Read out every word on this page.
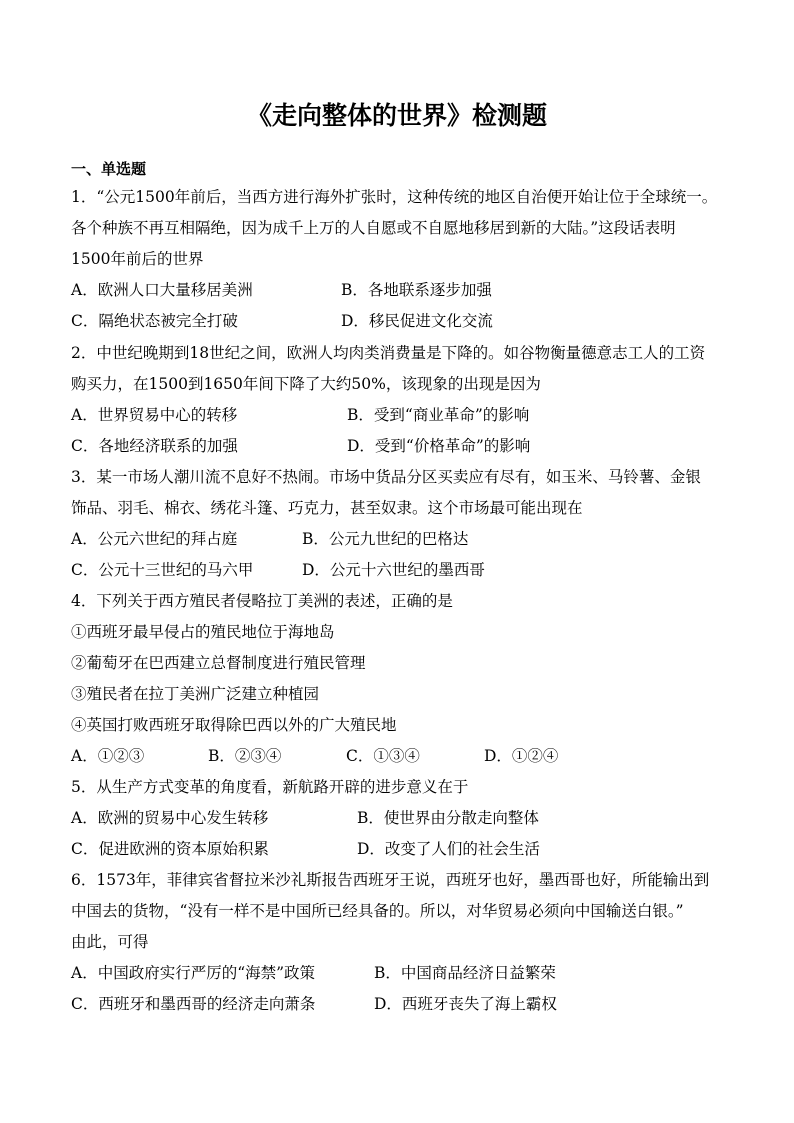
《走向整体的世界》检测题
一、单选题
1．“公元1500年前后，当西方进行海外扩张时，这种传统的地区自治便开始让位于全球统一。
各个种族不再互相隔绝，因为成千上万的人自愿或不自愿地移居到新的大陆。”这段话表明
1500年前后的世界
A．欧洲人口大量移居美洲	B．各地联系逐步加强
C．隔绝状态被完全打破	D．移民促进文化交流
2．中世纪晚期到18世纪之间，欧洲人均肉类消费量是下降的。如谷物衡量德意志工人的工资
购买力，在1500到1650年间下降了大约50%，该现象的出现是因为
A．世界贸易中心的转移	B．受到“商业革命”的影响
C．各地经济联系的加强	D．受到“价格革命”的影响
3．某一市场人潮川流不息好不热闹。市场中货品分区买卖应有尽有，如玉米、马铃薯、金银
饰品、羽毛、棉衣、绣花斗篷、巧克力，甚至奴隶。这个市场最可能出现在
A．公元六世纪的拜占庭	B．公元九世纪的巴格达
C．公元十三世纪的马六甲	D．公元十六世纪的墨西哥
4．下列关于西方殖民者侵略拉丁美洲的表述，正确的是
①西班牙最早侵占的殖民地位于海地岛
②葡萄牙在巴西建立总督制度进行殖民管理
③殖民者在拉丁美洲广泛建立种植园
④英国打败西班牙取得除巴西以外的广大殖民地
A．①②③	B．②③④	C．①③④	D．①②④
5．从生产方式变革的角度看，新航路开辟的进步意义在于
A．欧洲的贸易中心发生转移	B．使世界由分散走向整体
C．促进欧洲的资本原始积累	D．改变了人们的社会生活
6．1573年，菲律宾省督拉米沙礼斯报告西班牙王说，西班牙也好，墨西哥也好，所能输出到
中国去的货物，“没有一样不是中国所已经具备的。所以，对华贸易必须向中国输送白银。”
由此，可得
A．中国政府实行严厉的“海禁”政策	B．中国商品经济日益繁荣
C．西班牙和墨西哥的经济走向萧条	D．西班牙丧失了海上霸权
